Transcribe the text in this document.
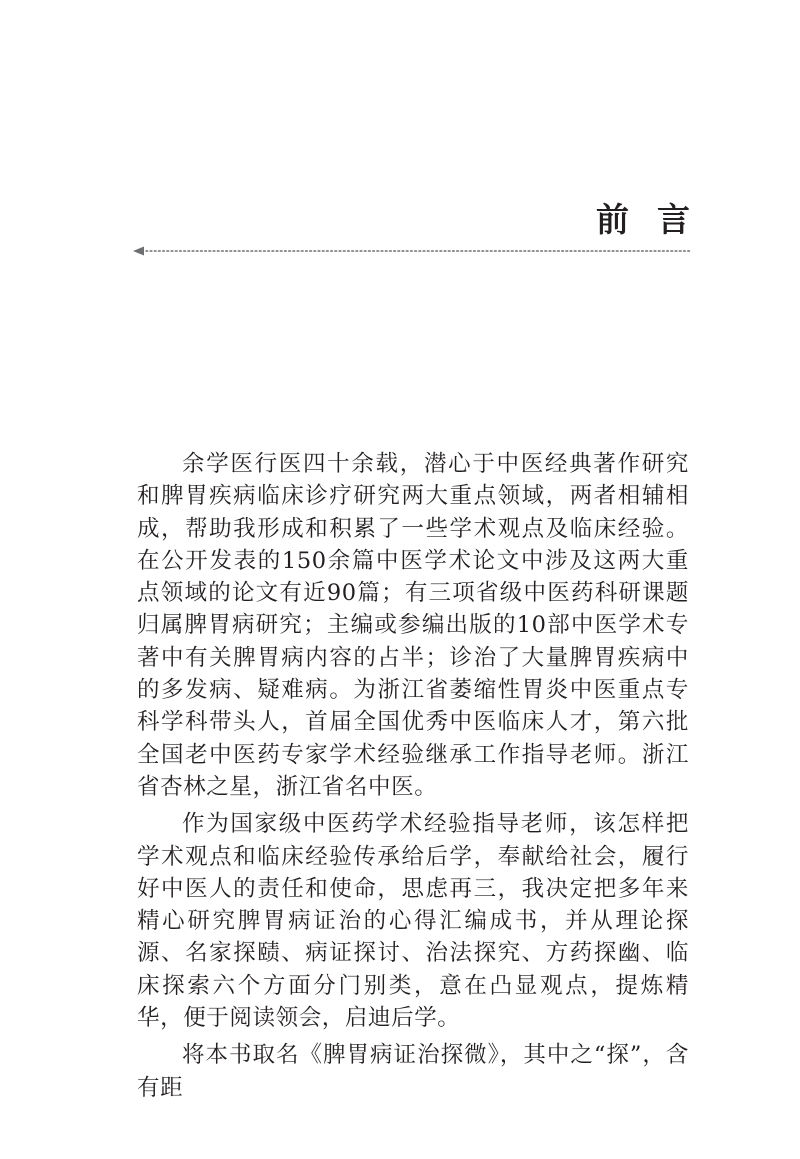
前言

余学医行医四十余载，潜心于中医经典著作研究和脾胃疾病临床诊疗研究两大重点领域，两者相辅相成，帮助我形成和积累了一些学术观点及临床经验。在公开发表的150余篇中医学术论文中涉及这两大重点领域的论文有近90篇；有三项省级中医药科研课题归属脾胃病研究；主编或参编出版的10部中医学术专著中有关脾胃病内容的占半；诊治了大量脾胃疾病中的多发病、疑难病。为浙江省萎缩性胃炎中医重点专科学科带头人，首届全国优秀中医临床人才，第六批全国老中医药专家学术经验继承工作指导老师。浙江省杏林之星，浙江省名中医。

作为国家级中医药学术经验指导老师，该怎样把学术观点和临床经验传承给后学，奉献给社会，履行好中医人的责任和使命，思虑再三，我决定把多年来精心研究脾胃病证治的心得汇编成书，并从理论探源、名家探赜、病证探讨、治法探究、方药探幽、临床探索六个方面分门别类，意在凸显观点，提炼精华，便于阅读领会，启迪后学。

将本书取名《脾胃病证治探微》，其中之“探”，含有距
